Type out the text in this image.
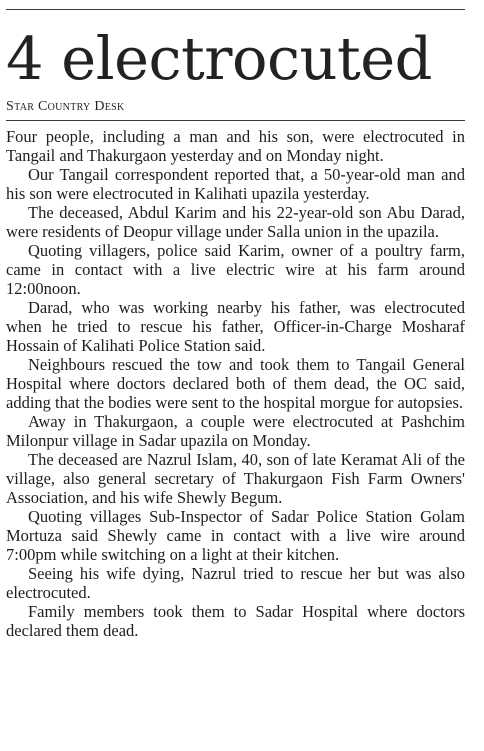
4 electrocuted
Star Country Desk

Four people, including a man and his son, were electrocuted in Tangail and Thakurgaon yesterday and on Monday night.

Our Tangail correspondent reported that, a 50-year-old man and his son were electrocuted in Kalihati upazila yesterday.

The deceased, Abdul Karim and his 22-year-old son Abu Darad, were residents of Deopur village under Salla union in the upazila.

Quoting villagers, police said Karim, owner of a poultry farm, came in contact with a live electric wire at his farm around 12:00noon.

Darad, who was working nearby his father, was electrocuted when he tried to rescue his father, Officer-in-Charge Mosharaf Hossain of Kalihati Police Station said.

Neighbours rescued the tow and took them to Tangail General Hospital where doctors declared both of them dead, the OC said, adding that the bodies were sent to the hospital morgue for autopsies.

Away in Thakurgaon, a couple were electrocuted at Pashchim Milonpur village in Sadar upazila on Monday.

The deceased are Nazrul Islam, 40, son of late Keramat Ali of the village, also general secretary of Thakurgaon Fish Farm Owners' Association, and his wife Shewly Begum.

Quoting villages Sub-Inspector of Sadar Police Station Golam Mortuza said Shewly came in contact with a live wire around 7:00pm while switching on a light at their kitchen.

Seeing his wife dying, Nazrul tried to rescue her but was also electrocuted.

Family members took them to Sadar Hospital where doctors declared them dead.
